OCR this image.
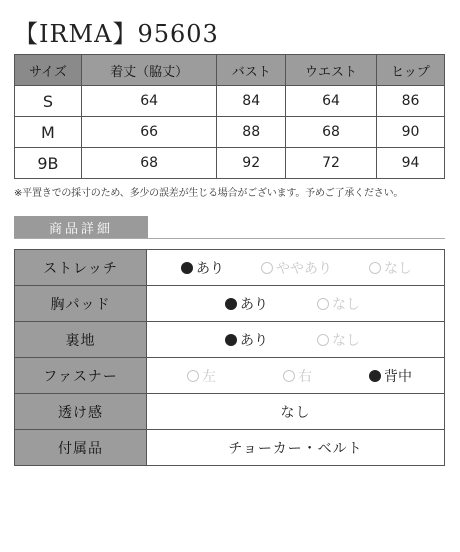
【IRMA】95603
サイズ	着丈（脇丈）	バスト	ウエスト	ヒップ
S	64	84	64	86
M	66	88	68	90
9B	68	92	72	94
※平置きでの採寸のため、多少の誤差が生じる場合がございます。予めご了承ください。
商品詳細
ストレッチ	あり ややあり なし

胸パッド	あり なし

裏地	あり なし

ファスナー	左 右 背中

透け感	なし
付属品	チョーカー・ベルト
